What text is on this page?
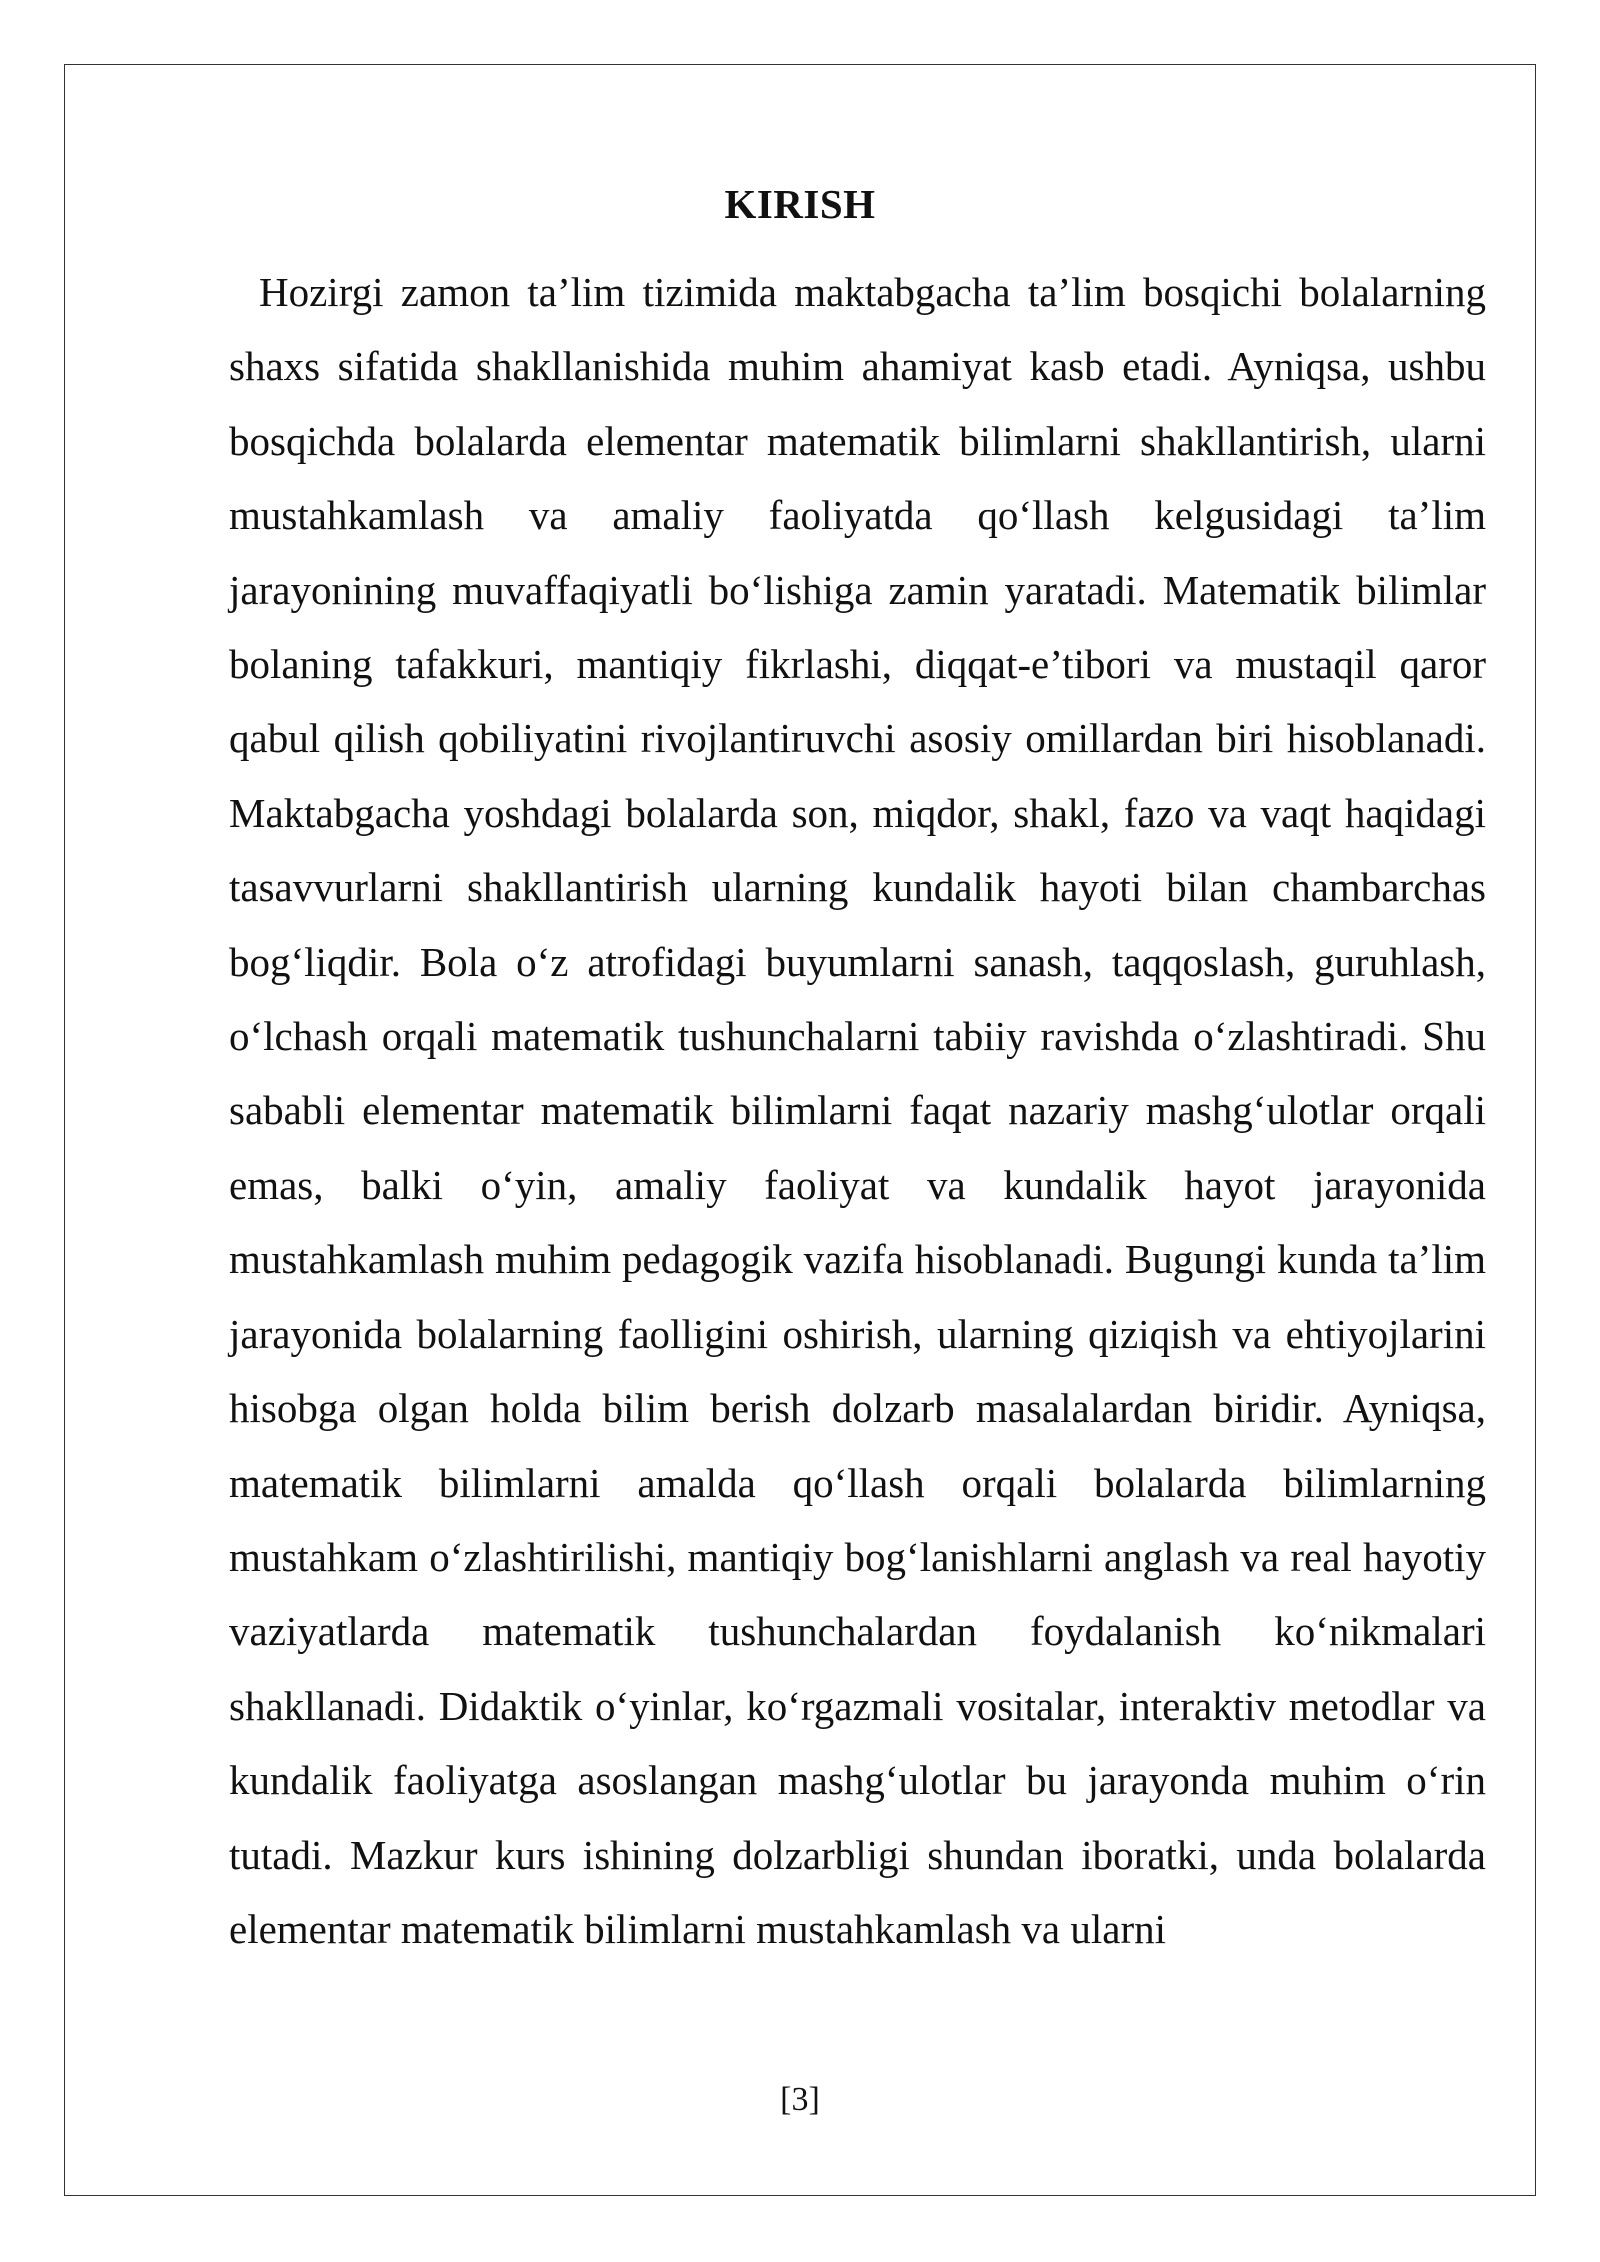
KIRISH

Hozirgi zamon ta’lim tizimida maktabgacha ta’lim bosqichi bolalarning shaxs sifatida shakllanishida muhim ahamiyat kasb etadi. Ayniqsa, ushbu bosqichda bolalarda elementar matematik bilimlarni shakllantirish, ularni mustahkamlash va amaliy faoliyatda qo‘llash kelgusidagi ta’lim jarayonining muvaffaqiyatli bo‘lishiga zamin yaratadi. Matematik bilimlar bolaning tafakkuri, mantiqiy fikrlashi, diqqat-e’tibori va mustaqil qaror qabul qilish qobiliyatini rivojlantiruvchi asosiy omillardan biri hisoblanadi. Maktabgacha yoshdagi bolalarda son, miqdor, shakl, fazo va vaqt haqidagi tasavvurlarni shakllantirish ularning kundalik hayoti bilan chambarchas bog‘liqdir. Bola o‘z atrofidagi buyumlarni sanash, taqqoslash, guruhlash, o‘lchash orqali matematik tushunchalarni tabiiy ravishda o‘zlashtiradi. Shu sababli elementar matematik bilimlarni faqat nazariy mashg‘ulotlar orqali emas, balki o‘yin, amaliy faoliyat va kundalik hayot jarayonida mustahkamlash muhim pedagogik vazifa hisoblanadi. Bugungi kunda ta’lim jarayonida bolalarning faolligini oshirish, ularning qiziqish va ehtiyojlarini hisobga olgan holda bilim berish dolzarb masalalardan biridir. Ayniqsa, matematik bilimlarni amalda qo‘llash orqali bolalarda bilimlarning mustahkam o‘zlashtirilishi, mantiqiy bog‘lanishlarni anglash va real hayotiy vaziyatlarda matematik tushunchalardan foydalanish ko‘nikmalari shakllanadi. Didaktik o‘yinlar, ko‘rgazmali vositalar, interaktiv metodlar va kundalik faoliyatga asoslangan mashg‘ulotlar bu jarayonda muhim o‘rin tutadi. Mazkur kurs ishining dolzarbligi shundan iboratki, unda bolalarda elementar matematik bilimlarni mustahkamlash va ularni

[3]
